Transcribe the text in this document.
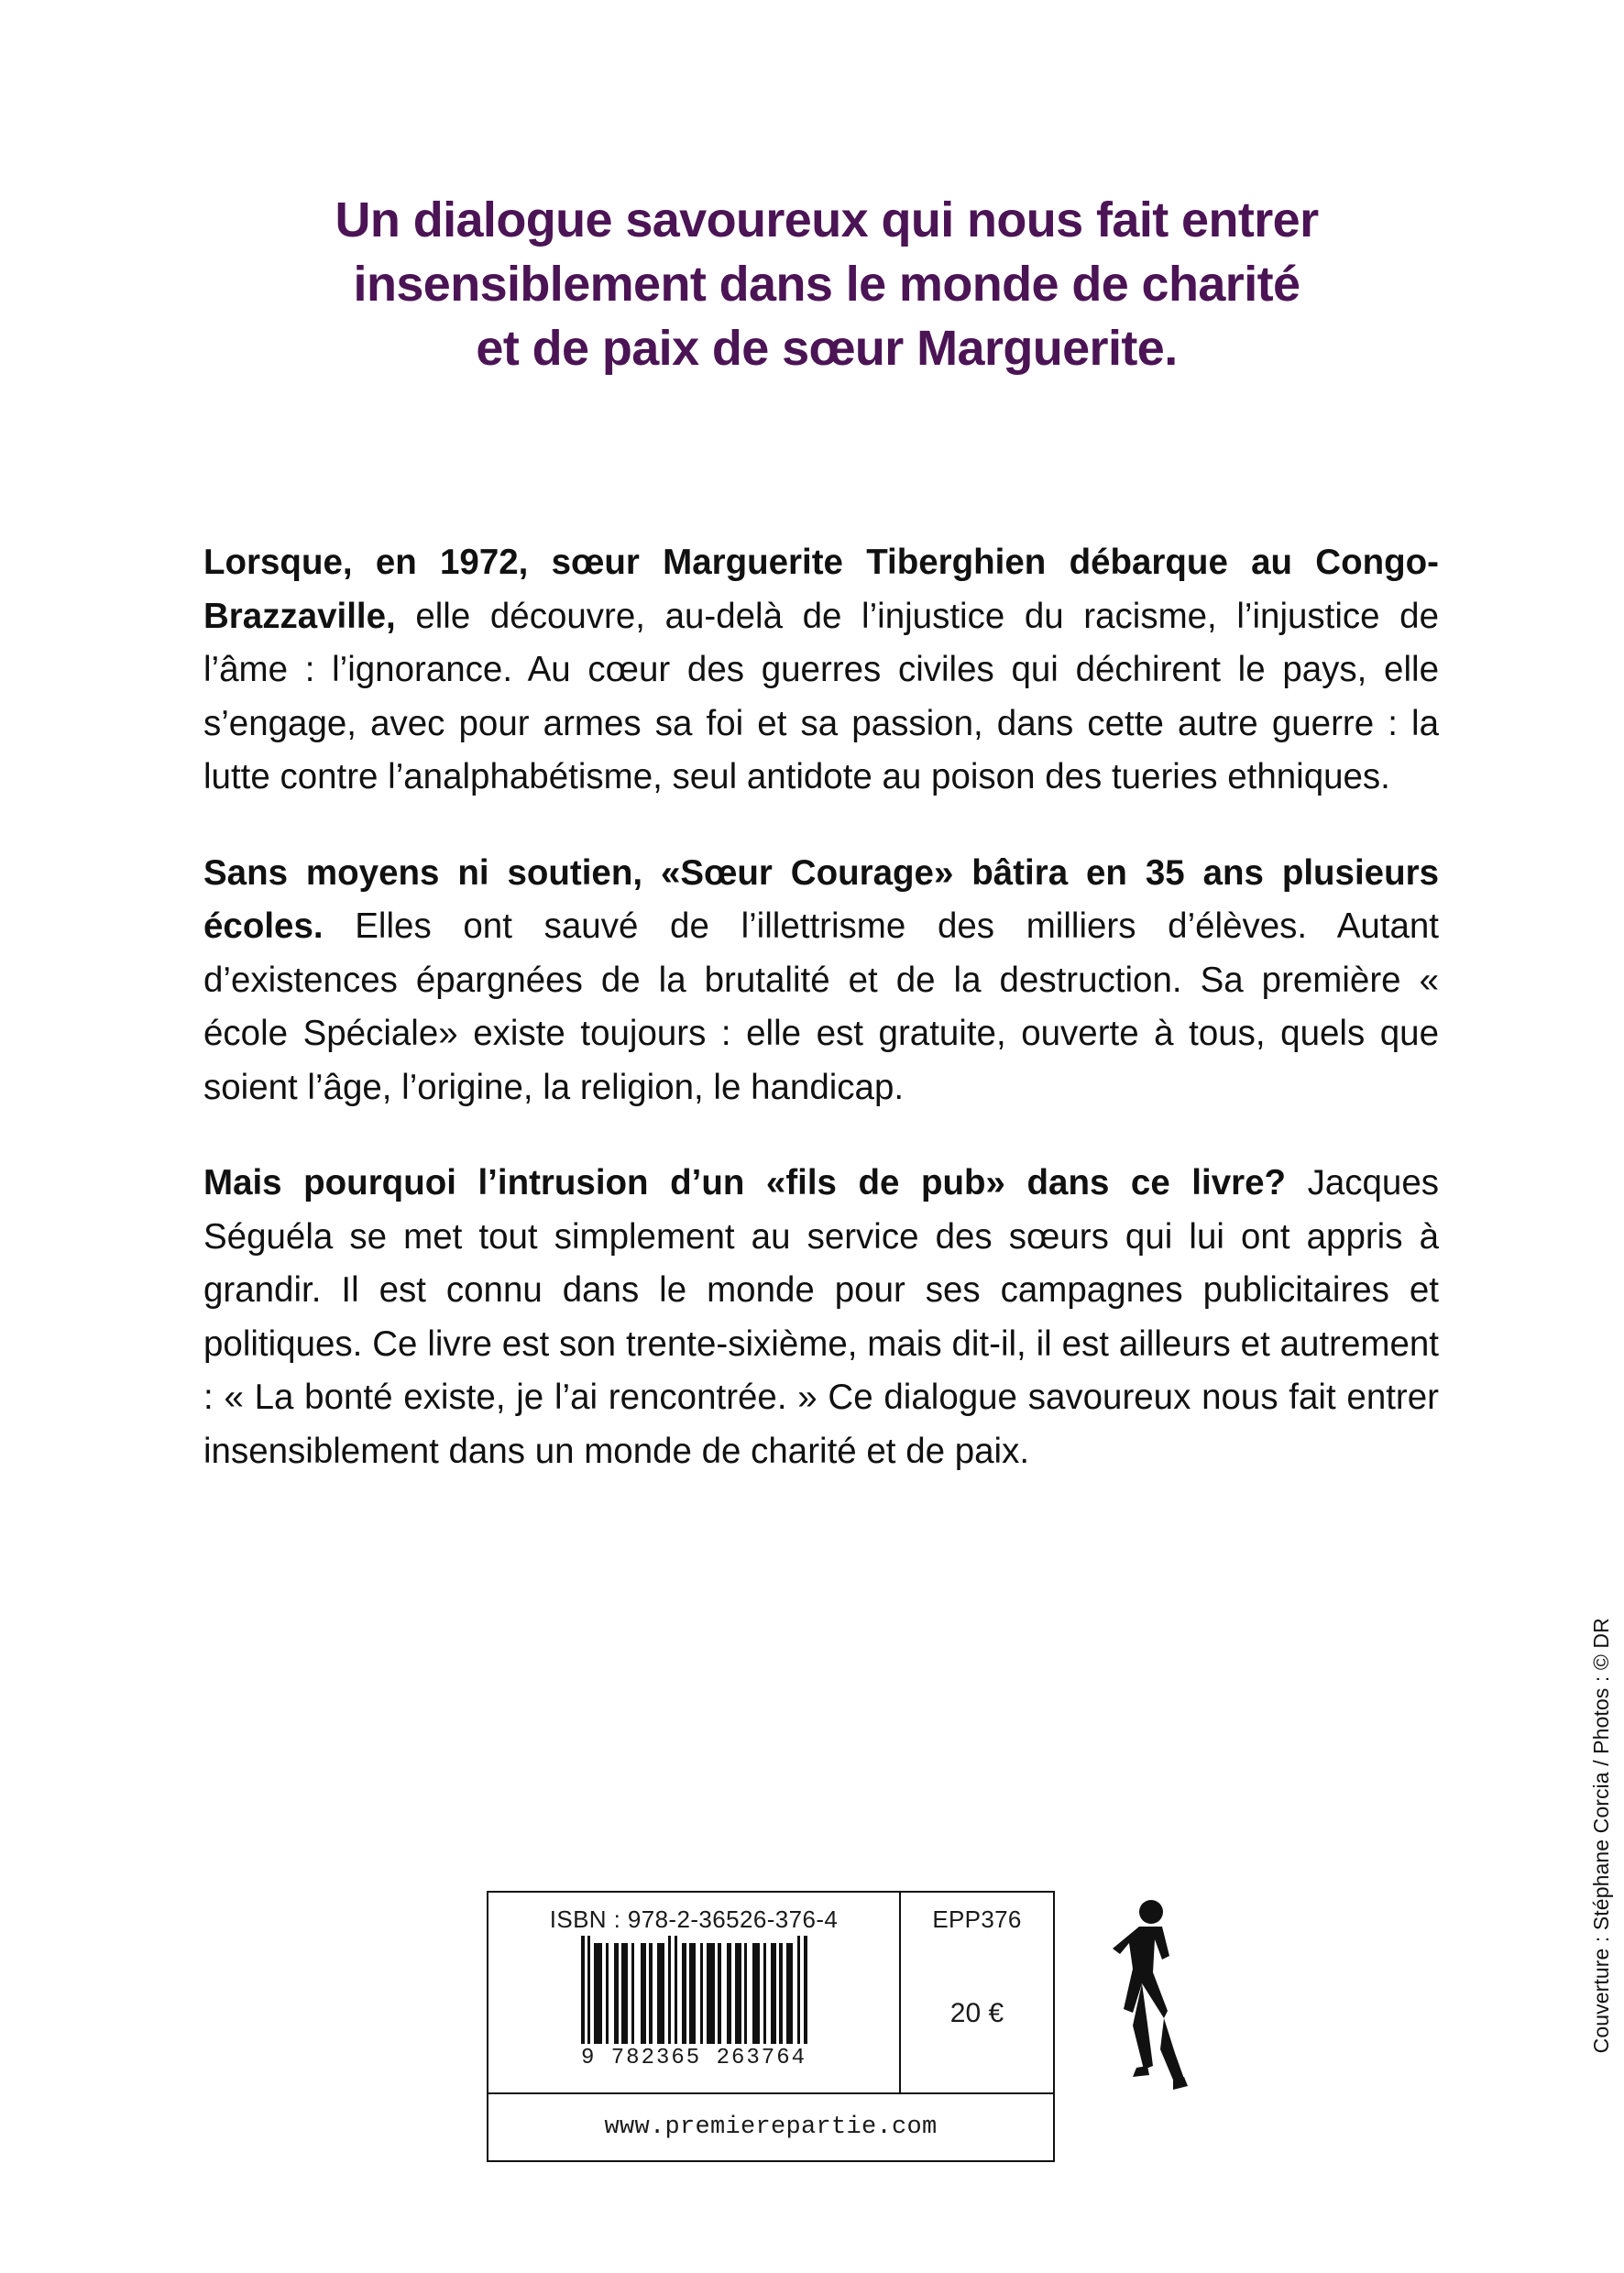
Un dialogue savoureux qui nous fait entrer
insensiblement dans le monde de charité
et de paix de sœur Marguerite.

Lorsque, en 1972, sœur Marguerite Tiberghien débarque au Congo-Brazzaville, elle découvre, au-delà de l’injustice du racisme, l’injustice de l’âme : l’ignorance. Au cœur des guerres civiles qui déchirent le pays, elle s’engage, avec pour armes sa foi et sa passion, dans cette autre guerre : la lutte contre l’analphabétisme, seul antidote au poison des tueries ethniques.

Sans moyens ni soutien, «Sœur Courage» bâtira en 35 ans plusieurs écoles. Elles ont sauvé de l’illettrisme des milliers d’élèves. Autant d’existences épargnées de la brutalité et de la destruction. Sa première « école Spéciale» existe toujours : elle est gratuite, ouverte à tous, quels que soient l’âge, l’origine, la religion, le handicap.

Mais pourquoi l’intrusion d’un «fils de pub» dans ce livre? Jacques Séguéla se met tout simplement au service des sœurs qui lui ont appris à grandir. Il est connu dans le monde pour ses campagnes publicitaires et politiques. Ce livre est son trente-sixième, mais dit-il, il est ailleurs et autrement : « La bonté existe, je l’ai rencontrée. » Ce dialogue savoureux nous fait entrer insensiblement dans un monde de charité et de paix.

Couverture : Stéphane Corcia / Photos : © DR
ISBN : 978-2-36526-376-4
9 782365 263764
EPP376
20 €
www.premierepartie.com
